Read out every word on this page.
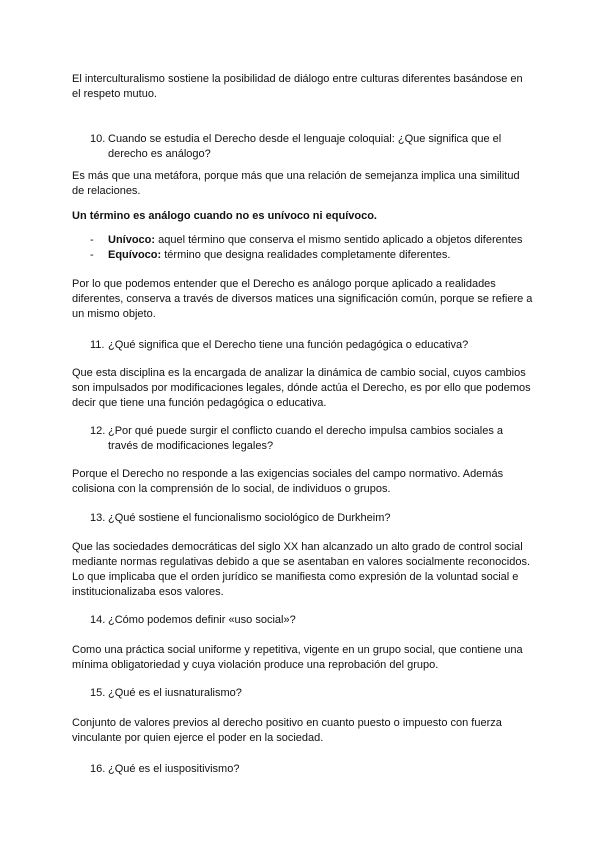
El interculturalismo sostiene la posibilidad de diálogo entre culturas diferentes basándose en el respeto mutuo.

10. Cuando se estudia el Derecho desde el lenguaje coloquial: ¿Que significa que el
derecho es análogo?

Es más que una metáfora, porque más que una relación de semejanza implica una similitud de relaciones.

Un término es análogo cuando no es unívoco ni equívoco.

-	Unívoco: aquel término que conserva el mismo sentido aplicado a objetos diferentes
-	Equívoco: término que designa realidades completamente diferentes.

Por lo que podemos entender que el Derecho es análogo porque aplicado a realidades diferentes, conserva a través de diversos matices una significación común, porque se refiere a un mismo objeto.

11. ¿Qué significa que el Derecho tiene una función pedagógica o educativa?

Que esta disciplina es la encargada de analizar la dinámica de cambio social, cuyos cambios son impulsados por modificaciones legales, dónde actúa el Derecho, es por ello que podemos decir que tiene una función pedagógica o educativa.

12. ¿Por qué puede surgir el conflicto cuando el derecho impulsa cambios sociales a
través de modificaciones legales?

Porque el Derecho no responde a las exigencias sociales del campo normativo. Además colisiona con la comprensión de lo social, de individuos o grupos.

13. ¿Qué sostiene el funcionalismo sociológico de Durkheim?

Que las sociedades democráticas del siglo XX han alcanzado un alto grado de control social mediante normas regulativas debido a que se asentaban en valores socialmente reconocidos. Lo que implicaba que el orden jurídico se manifiesta como expresión de la voluntad social e institucionalizaba esos valores.

14. ¿Cómo podemos definir «uso social»?

Como una práctica social uniforme y repetitiva, vigente en un grupo social, que contiene una mínima obligatoriedad y cuya violación produce una reprobación del grupo.

15. ¿Qué es el iusnaturalismo?

Conjunto de valores previos al derecho positivo en cuanto puesto o impuesto con fuerza vinculante por quien ejerce el poder en la sociedad.

16. ¿Qué es el iuspositivismo?
